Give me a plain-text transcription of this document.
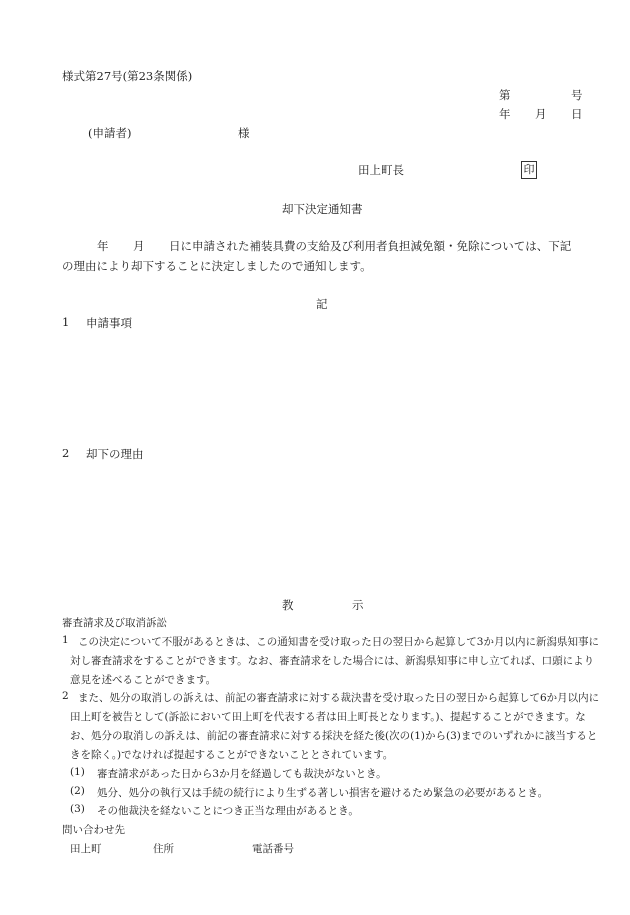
様式第27号(第23条関係)
第	号
年 月 日
(申請者)	様
田上町長	印
却下決定通知書
年 月 日に申請された補装具費の支給及び利用者負担減免額・免除については、下記
の理由により却下することに決定しましたので通知します。
記
1 申請事項
2 却下の理由
教	示
審査請求及び取消訴訟
1 この決定について不服があるときは、この通知書を受け取った日の翌日から起算して3か月以内に新潟県知事に
対し審査請求をすることができます。なお、審査請求をした場合には、新潟県知事に申し立てれば、口頭により
意見を述べることができます。
2 また、処分の取消しの訴えは、前記の審査請求に対する裁決書を受け取った日の翌日から起算して6か月以内に
田上町を被告として(訴訟において田上町を代表する者は田上町長となります。)、提起することができます。な
お、処分の取消しの訴えは、前記の審査請求に対する採決を経た後(次の(1)から(3)までのいずれかに該当すると
きを除く。)でなければ提起することができないこととされています。
(1) 審査請求があった日から3か月を経過しても裁決がないとき。
(2) 処分、処分の執行又は手続の続行により生ずる著しい損害を避けるため緊急の必要があるとき。
(3) その他裁決を経ないことにつき正当な理由があるとき。
問い合わせ先
田上町	住所	電話番号
